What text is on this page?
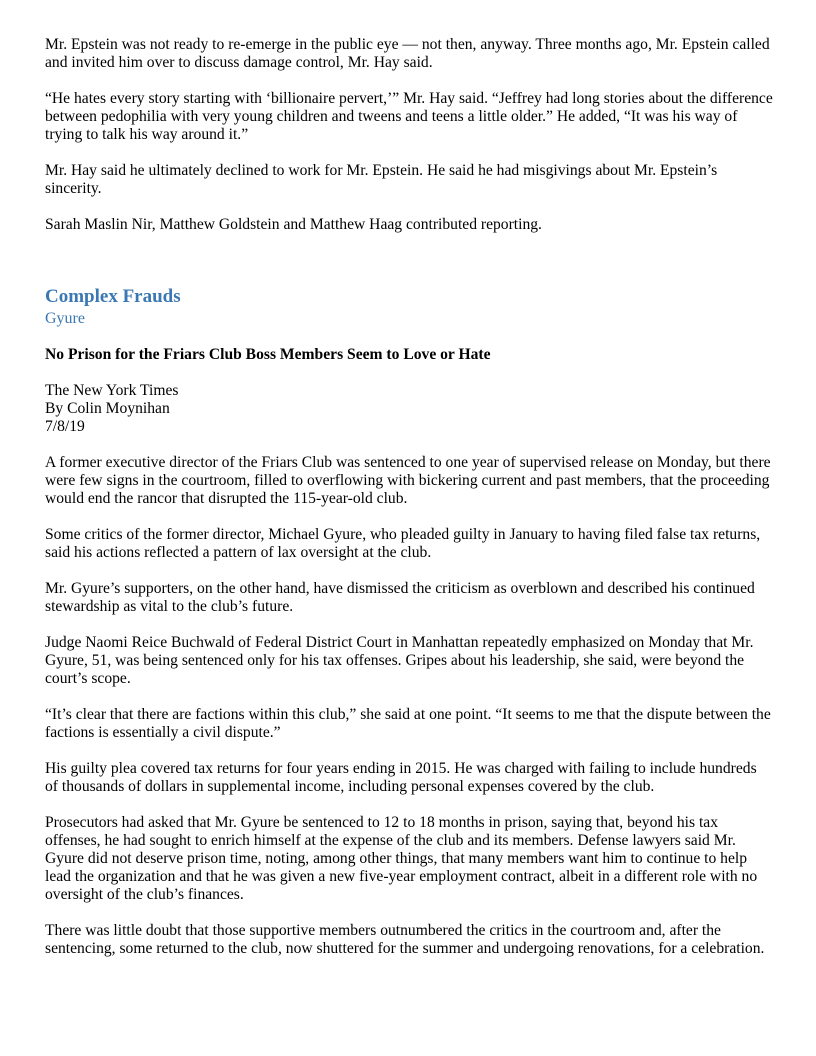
Mr. Epstein was not ready to re-emerge in the public eye — not then, anyway. Three months ago, Mr. Epstein called and invited him over to discuss damage control, Mr. Hay said.

“He hates every story starting with ‘billionaire pervert,’” Mr. Hay said. “Jeffrey had long stories about the difference between pedophilia with very young children and tweens and teens a little older.” He added, “It was his way of trying to talk his way around it.”

Mr. Hay said he ultimately declined to work for Mr. Epstein. He said he had misgivings about Mr. Epstein’s sincerity.

Sarah Maslin Nir, Matthew Goldstein and Matthew Haag contributed reporting.

Complex Frauds

Gyure

No Prison for the Friars Club Boss Members Seem to Love or Hate

The New York Times
By Colin Moynihan
7/8/19

A former executive director of the Friars Club was sentenced to one year of supervised release on Monday, but there were few signs in the courtroom, filled to overflowing with bickering current and past members, that the proceeding would end the rancor that disrupted the 115-year-old club.

Some critics of the former director, Michael Gyure, who pleaded guilty in January to having filed false tax returns, said his actions reflected a pattern of lax oversight at the club.

Mr. Gyure’s supporters, on the other hand, have dismissed the criticism as overblown and described his continued stewardship as vital to the club’s future.

Judge Naomi Reice Buchwald of Federal District Court in Manhattan repeatedly emphasized on Monday that Mr. Gyure, 51, was being sentenced only for his tax offenses. Gripes about his leadership, she said, were beyond the court’s scope.

“It’s clear that there are factions within this club,” she said at one point. “It seems to me that the dispute between the factions is essentially a civil dispute.”

His guilty plea covered tax returns for four years ending in 2015. He was charged with failing to include hundreds of thousands of dollars in supplemental income, including personal expenses covered by the club.

Prosecutors had asked that Mr. Gyure be sentenced to 12 to 18 months in prison, saying that, beyond his tax offenses, he had sought to enrich himself at the expense of the club and its members. Defense lawyers said Mr. Gyure did not deserve prison time, noting, among other things, that many members want him to continue to help lead the organization and that he was given a new five-year employment contract, albeit in a different role with no oversight of the club’s finances.

There was little doubt that those supportive members outnumbered the critics in the courtroom and, after the sentencing, some returned to the club, now shuttered for the summer and undergoing renovations, for a celebration.
